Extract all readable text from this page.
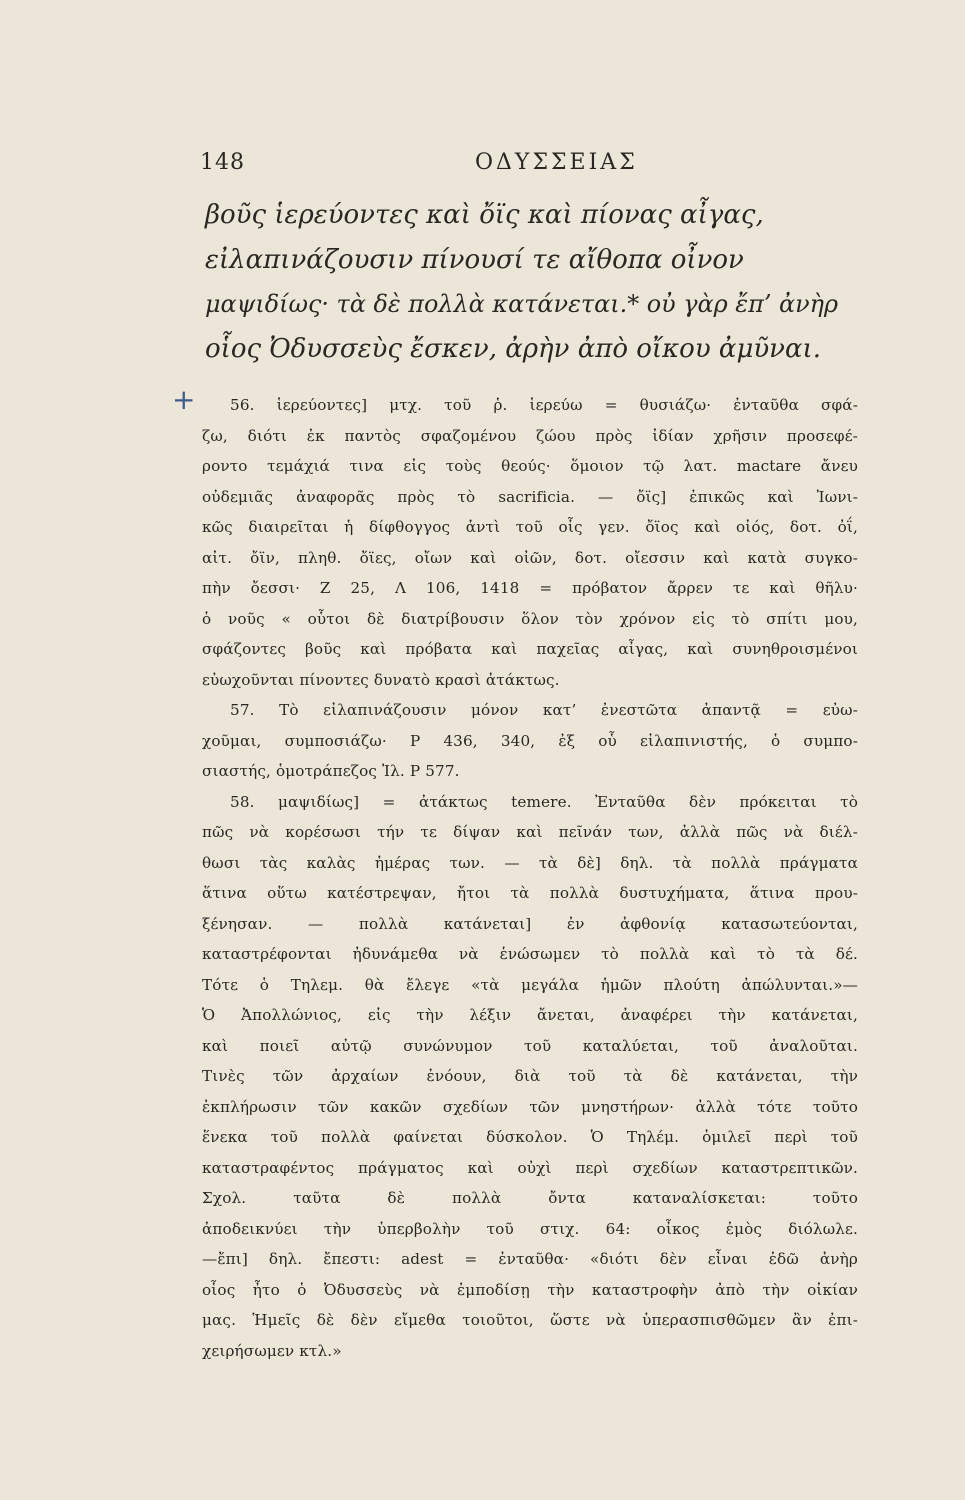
148	ΟΔΥΣΣΕΙΑΣ
βοῦς ἱερεύοντες καὶ ὄϊς καὶ πίονας αἶγας,
εἰλαπινάζουσιν πίνουσί τε αἴθοπα οἶνον
μαψιδίως· τὰ δὲ πολλὰ κατάνεται.* οὐ γὰρ ἔπ’ ἀνὴρ
οἷος Ὀδυσσεὺς ἔσκεν, ἀρὴν ἀπὸ οἴκου ἀμῦναι.
+	56. ἱερεύοντες] μτχ. τοῦ ῥ. ἱερεύω = θυσιάζω· ἐνταῦθα σφά-
ζω, διότι ἐκ παντὸς σφαζομένου ζώου πρὸς ἰδίαν χρῆσιν προσεφέ-
ροντο τεμάχιά τινα εἰς τοὺς θεούς· ὅμοιον τῷ λατ. mactare ἄνευ
οὐδεμιᾶς ἀναφορᾶς πρὸς τὸ sacrificia. — ὄϊς] ἐπικῶς καὶ Ἰωνι-
κῶς διαιρεῖται ἡ δίφθογγος ἀντὶ τοῦ οἷς γεν. ὄϊος καὶ οἰός, δοτ. ὀΐ,
αἰτ. ὄϊν, πληθ. ὄϊες, οἴων καὶ οἰῶν, δοτ. οἴεσσιν καὶ κατὰ συγκο-
πὴν ὄεσσι· Ζ 25, Λ 106, 1418 = πρόβατον ἄρρεν τε καὶ θῆλυ·
ὁ νοῦς « οὗτοι δὲ διατρίβουσιν ὅλον τὸν χρόνον εἰς τὸ σπίτι μου,
σφάζοντες βοῦς καὶ πρόβατα καὶ παχεῖας αἶγας, καὶ συνηθροισμένοι
εὐωχοῦνται πίνοντες δυνατὸ κρασὶ ἀτάκτως.
57. Τὸ εἰλαπινάζουσιν μόνον κατ’ ἐνεστῶτα ἀπαντᾷ = εὐω-
χοῦμαι, συμποσιάζω· Ρ 436, 340, ἐξ οὗ εἰλαπινιστής, ὁ συμπο-
σιαστής, ὁμοτράπεζος Ἰλ. Ρ 577.
58. μαψιδίως] = ἀτάκτως temere. Ἐνταῦθα δὲν πρόκειται τὸ
πῶς νὰ κορέσωσι τήν τε δίψαν καὶ πεῖνάν των, ἀλλὰ πῶς νὰ διέλ-
θωσι τὰς καλὰς ἡμέρας των. — τὰ δὲ] δηλ. τὰ πολλὰ πράγματα
ἅτινα οὕτω κατέστρεψαν, ἤτοι τὰ πολλὰ δυστυχήματα, ἅτινα πρου-
ξένησαν. — πολλὰ κατάνεται] ἐν ἀφθονίᾳ κατασωτεύονται,
καταστρέφονται ἠδυνάμεθα νὰ ἑνώσωμεν τὸ πολλὰ καὶ τὸ τὰ δέ.
Τότε ὁ Τηλεμ. θὰ ἔλεγε «τὰ μεγάλα ἡμῶν πλούτη ἀπώλυνται.»—
Ὁ Ἀπολλώνιος, εἰς τὴν λέξιν ἄνεται, ἀναφέρει τὴν κατάνεται,
καὶ ποιεῖ αὐτῷ συνώνυμον τοῦ καταλύεται, τοῦ ἀναλοῦται.
Τινὲς τῶν ἀρχαίων ἐνόουν, διὰ τοῦ τὰ δὲ κατάνεται, τὴν
ἐκπλήρωσιν τῶν κακῶν σχεδίων τῶν μνηστήρων· ἀλλὰ τότε τοῦτο
ἕνεκα τοῦ πολλὰ φαίνεται δύσκολον. Ὁ Τηλέμ. ὁμιλεῖ περὶ τοῦ
καταστραφέντος πράγματος καὶ οὐχὶ περὶ σχεδίων καταστρεπτικῶν.
Σχολ. ταῦτα δὲ πολλὰ ὄντα καταναλίσκεται: τοῦτο
ἀποδεικνύει τὴν ὑπερβολὴν τοῦ στιχ. 64: οἶκος ἐμὸς διόλωλε.
—ἔπι] δηλ. ἔπεστι: adest = ἐνταῦθα· «διότι δὲν εἶναι ἐδῶ ἀνὴρ
οἷος ἦτο ὁ Ὀδυσσεὺς νὰ ἐμποδίσῃ τὴν καταστροφὴν ἀπὸ τὴν οἰκίαν
μας. Ἡμεῖς δὲ δὲν εἴμεθα τοιοῦτοι, ὥστε νὰ ὑπερασπισθῶμεν ἂν ἐπι-
χειρήσωμεν κτλ.»
